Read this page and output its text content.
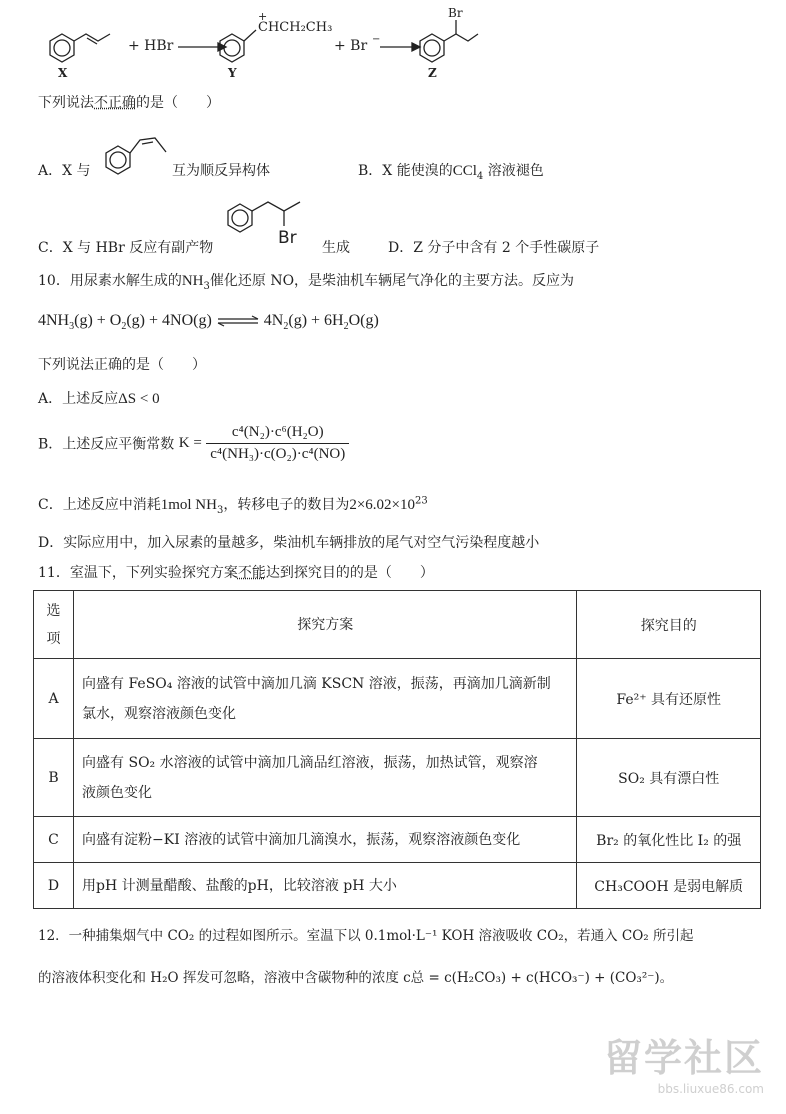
X
+ HBr
+
CHCH₂CH₃
Y
+ Br −
Br
Z
下列说法不正确的是（　　）
A．X 与	互为顺反异构体	B．X 能使溴的CCl$_4$ 溶液褪色
C．X 与 HBr 反应有副产物	Br 生成	D．Z 分子中含有 2 个手性碳原子
10．用尿素水解生成的$NH_3$催化还原 NO，是柴油机车辆尾气净化的主要方法。反应为
$4NH_3(g) + O_2(g) + 4NO(g)$ ⇌ $4N_2(g) + 6H_2O(g)$
下列说法正确的是（　　）
A．上述反应ΔS < 0
B．上述反应平衡常数 $K = \frac{\text{c⁴(N₂)·c⁶(H₂O)}}{\text{c⁴(NH₃)·c(O₂)·c⁴(NO)}}$
C．上述反应中消耗1mol $NH_3$，转移电子的数目为$2\times 6.02\times 10^{23}$
D．实际应用中，加入尿素的量越多，柴油机车辆排放的尾气对空气污染程度越小
11．室温下，下列实验探究方案不能达到探究目的的是（　　）
选
项	探究方案	探究目的
A	向盛有 FeSO₄ 溶液的试管中滴加几滴 KSCN 溶液，振荡，再滴加几滴新制
氯水，观察溶液颜色变化	Fe²⁺ 具有还原性
B	向盛有 SO₂ 水溶液的试管中滴加几滴品红溶液，振荡，加热试管，观察溶
液颜色变化	SO₂ 具有漂白性
C	向盛有淀粉−KI 溶液的试管中滴加几滴溴水，振荡，观察溶液颜色变化	Br₂ 的氧化性比 I₂ 的强
D	用pH 计测量醋酸、盐酸的pH，比较溶液 pH 大小	CH₃COOH 是弱电解质
12．一种捕集烟气中 CO₂ 的过程如图所示。室温下以 0.1mol·L⁻¹ KOH 溶液吸收 CO₂，若通入 CO₂ 所引起
的溶液体积变化和 H₂O 挥发可忽略，溶液中含碳物种的浓度 c总 = c(H₂CO₃) + c(HCO₃⁻) + (CO₃²⁻)。
留学社区
bbs.liuxue86.com
